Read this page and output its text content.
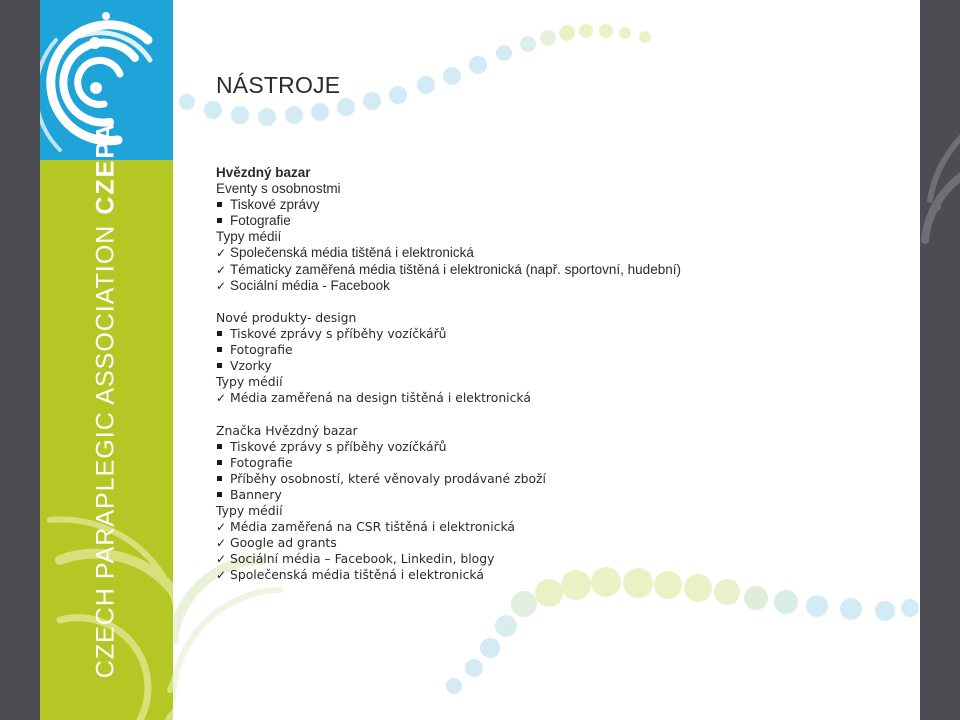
CZECH PARAPLEGIC ASSOCIATIONCZEPA
NÁSTROJE
Hvězdný bazar
Eventy s osobnostmi
Tiskové zprávy
Fotografie
Typy médií
✓Společenská média tištěná i elektronická
✓Tématicky zaměřená média tištěná i elektronická (např. sportovní, hudební)
✓Sociální média - Facebook
Nové produkty- design
Tiskové zprávy s příběhy vozíčkářů
Fotografie
Vzorky
Typy médií
✓Média zaměřená na design tištěná i elektronická
Značka Hvězdný bazar
Tiskové zprávy s příběhy vozíčkářů
Fotografie
Příběhy osobností, které věnovaly prodávané zboží
Bannery
Typy médií
✓Média zaměřená na CSR tištěná i elektronická
✓Google ad grants
✓Sociální média – Facebook, Linkedin, blogy
✓Společenská média tištěná i elektronická
